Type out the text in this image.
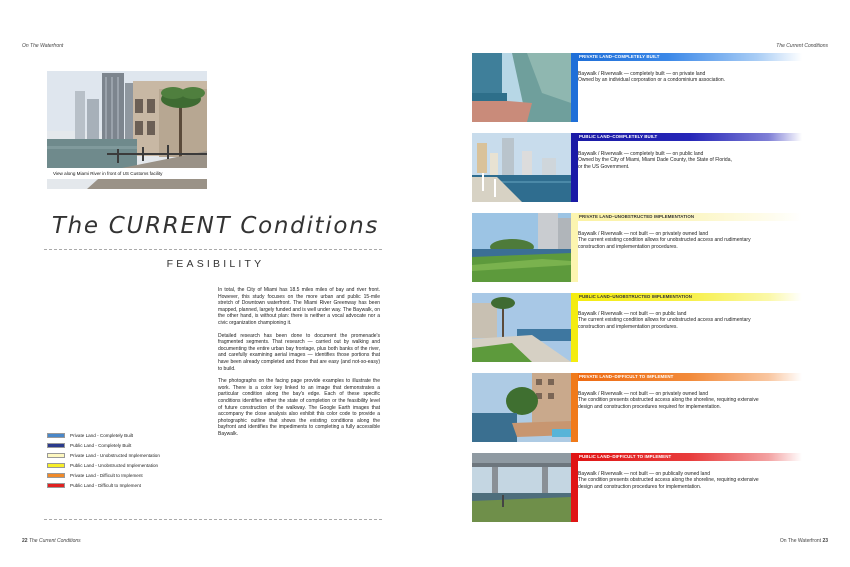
On The Waterfront	The Current Conditions
View along Miami River in front of US Customs facility
The CURRENT Conditions
FEASIBILITY

In total, the City of Miami has 18.5 miles miles of bay and river front. However, this study focuses on the more urban and public 15-mile stretch of Downtown waterfront. The Miami River Greenway has been mapped, planned, largely funded and is well under way. The Baywalk, on the other hand, is without plan: there is neither a vocal advocate nor a civic organization championing it.

Detailed research has been done to document the promenade's fragmented segments. That research — carried out by walking and documenting the entire urban bay frontage, plus both banks of the river, and carefully examining aerial images — identifies those portions that have been already completed and those that are easy (and not-so-easy) to build.

The photographs on the facing page provide examples to illustrate the work. There is a color key linked to an image that demonstrates a particular condition along the bay's edge. Each of these specific conditions identifies either the state of completion or the feasibility level of future construction of the walkway. The Google Earth images that accompany the close analysis also exhibit this color code to provide a photographic outline that shows the existing conditions along the bayfront and identifies the impediments to completing a fully accessible Baywalk.

Private Land - Completely Built
Public Land - Completely Built
Private Land - Unobstructed Implementation
Public Land - Unobstructed Implementation
Private Land - Difficult to Implement
Public Land - Difficult to Implement
22 The Current Conditions
PRIVATE LAND–COMPLETELY BUILT
Baywalk / Riverwalk — completely built — on private land
Owned by an individual corporation or a condominium association.
PUBLIC LAND–COMPLETELY BUILT
Baywalk / Riverwalk — completely built — on public land
Owned by the City of Miami, Miami Dade County, the State of Florida,
or the US Government.
PRIVATE LAND–UNOBSTRUCTED IMPLEMENTATION
Baywalk / Riverwalk — not built — on privately owned land
The current existing condition allows for unobstructed access and rudimentary
construction and implementation procedures.
PUBLIC LAND–UNOBSTRUCTED IMPLEMENTATION
Baywalk / Riverwalk — not built — on public land
The current existing condition allows for unobstructed access and rudimentary
construction and implementation procedures.
PRIVATE LAND–DIFFICULT TO IMPLEMENT
Baywalk / Riverwalk — not built — on privately owned land
The condition presents obstructed access along the shoreline, requiring extensive
design and construction procedures required for implementation.
PUBLIC LAND–DIFFICULT TO IMPLEMENT
Baywalk / Riverwalk — not built — on publically owned land
The condition presents obstructed access along the shoreline, requiring extensive
design and construction procedures for implementation.
On The Waterfront 23
